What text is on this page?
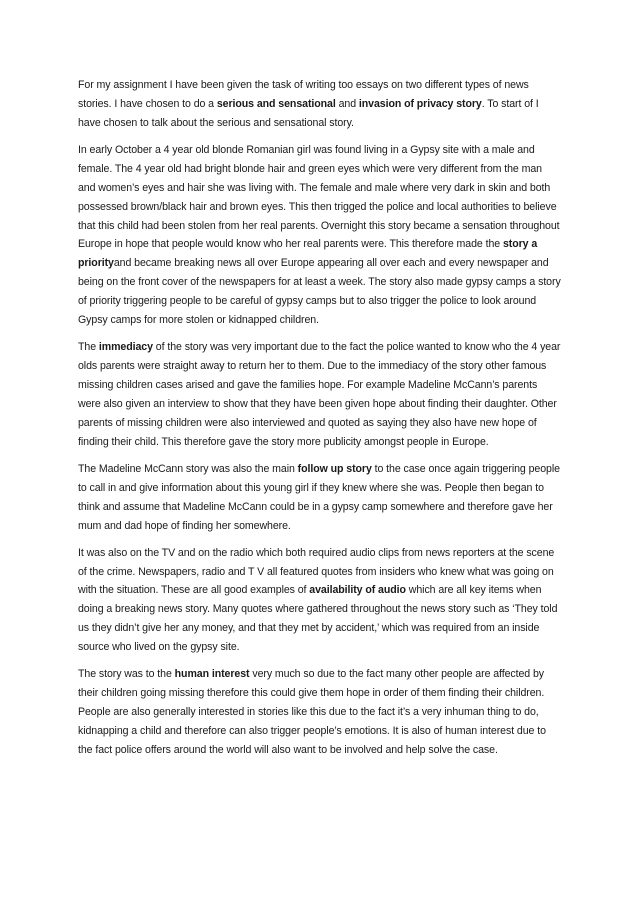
For my assignment I have been given the task of writing too essays on two different types of news stories. I have chosen to do a serious and sensational and invasion of privacy story. To start of I have chosen to talk about the serious and sensational story.

In early October a 4 year old blonde Romanian girl was found living in a Gypsy site with a male and female. The 4 year old had bright blonde hair and green eyes which were very different from the man and women’s eyes and hair she was living with. The female and male where very dark in skin and both possessed brown/black hair and brown eyes. This then trigged the police and local authorities to believe that this child had been stolen from her real parents. Overnight this story became a sensation throughout Europe in hope that people would know who her real parents were. This therefore made the story a priorityand became breaking news all over Europe appearing all over each and every newspaper and being on the front cover of the newspapers for at least a week. The story also made gypsy camps a story of priority triggering people to be careful of gypsy camps but to also trigger the police to look around Gypsy camps for more stolen or kidnapped children.

The immediacy of the story was very important due to the fact the police wanted to know who the 4 year olds parents were straight away to return her to them. Due to the immediacy of the story other famous missing children cases arised and gave the families hope. For example Madeline McCann’s parents were also given an interview to show that they have been given hope about finding their daughter. Other parents of missing children were also interviewed and quoted as saying they also have new hope of finding their child. This therefore gave the story more publicity amongst people in Europe.

The Madeline McCann story was also the main follow up story to the case once again triggering people to call in and give information about this young girl if they knew where she was. People then began to think and assume that Madeline McCann could be in a gypsy camp somewhere and therefore gave her mum and dad hope of finding her somewhere.

It was also on the TV and on the radio which both required audio clips from news reporters at the scene of the crime. Newspapers, radio and T V all featured quotes from insiders who knew what was going on with the situation. These are all good examples of availability of audio which are all key items when doing a breaking news story. Many quotes where gathered throughout the news story such as ‘They told us they didn’t give her any money, and that they met by accident,’ which was required from an inside source who lived on the gypsy site.

The story was to the human interest very much so due to the fact many other people are affected by their children going missing therefore this could give them hope in order of them finding their children. People are also generally interested in stories like this due to the fact it’s a very inhuman thing to do, kidnapping a child and therefore can also trigger people’s emotions. It is also of human interest due to the fact police offers around the world will also want to be involved and help solve the case.
